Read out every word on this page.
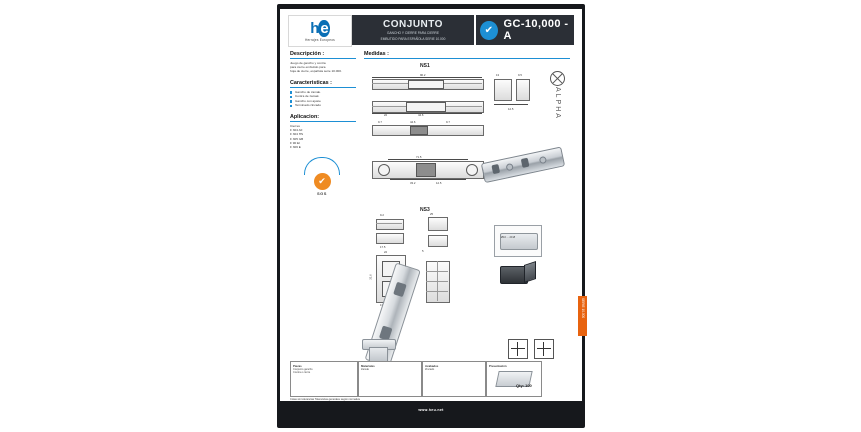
h e
Herrajes Europeos
CONJUNTO
GANCHO Y CIERRE PARA CIERRE
EMBUTIDO PARA ESPAÑOLA SERIE 10.000
✔ GC-10,000 - A
Descripción :
Juego de gancho y contra
para cierre embutido para
hoja de cierre, española serie 10.000.
Caracteristicas :
Gancho de zamak.
Contra de zamak.
Gancho con ajuste
Terminado zincado
Aplicacion:
Cierres
F 304 AF
F 304 HS
F 305 GB
F 90 EI
F 306 E
✔
SGS
Medidas :
NS1
NS3
ALPHA
90.2
22	44.6
9.7	44.6	9.7
13	9.5
12.5
71.5
33.2	12.5
9.2
17.5
22
31.6
25
5
Ø10 ... 29 Ø
Piezas
Conjunto gancho
Contra o cierre
Materiales
Zamak
Acabados
Zincado
Presentación
Qty: 100
Cotas sin tolerancias Tolerancias generales según normativa
www.heu.net
SERIE 10.000
